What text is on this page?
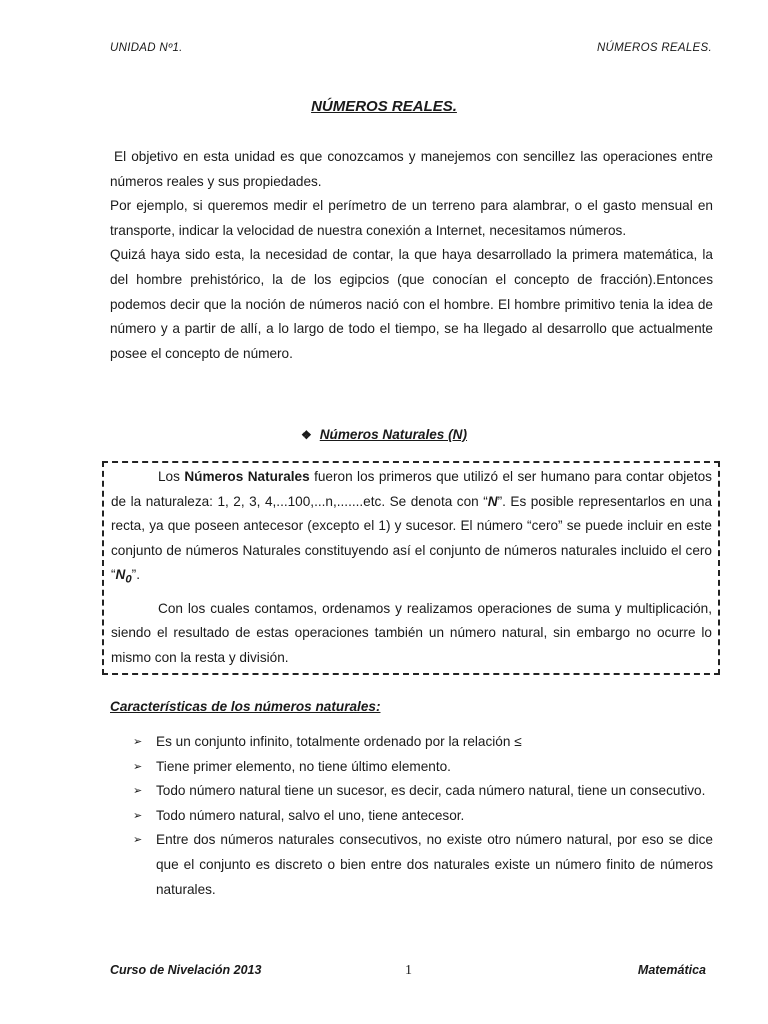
UNIDAD Nº1.	NÚMEROS REALES.
NÚMEROS REALES.

El objetivo en esta unidad es que conozcamos y manejemos con sencillez las operaciones entre números reales y sus propiedades.

Por ejemplo, si queremos medir el perímetro de un terreno para alambrar, o el gasto mensual en transporte, indicar la velocidad de nuestra conexión a Internet, necesitamos números.

Quizá haya sido esta, la necesidad de contar, la que haya desarrollado la primera matemática, la del hombre prehistórico, la de los egipcios (que conocían el concepto de fracción).Entonces podemos decir que la noción de números nació con el hombre. El hombre primitivo tenia la idea de número y a partir de allí, a lo largo de todo el tiempo, se ha llegado al desarrollo que actualmente posee el concepto de número.

❖ Números Naturales (N)

Los Números Naturales fueron los primeros que utilizó el ser humano para contar objetos de la naturaleza: 1, 2, 3, 4,...100,...n,.......etc. Se denota con “N”. Es posible representarlos en una recta, ya que poseen antecesor (excepto el 1) y sucesor. El número “cero” se puede incluir en este conjunto de números Naturales constituyendo así el conjunto de números naturales incluido el cero “$N_0$”.

Con los cuales contamos, ordenamos y realizamos operaciones de suma y multiplicación, siendo el resultado de estas operaciones también un número natural, sin embargo no ocurre lo mismo con la resta y división.

Características de los números naturales:
➢ Es un conjunto infinito, totalmente ordenado por la relación ≤
➢ Tiene primer elemento, no tiene último elemento.
➢ Todo número natural tiene un sucesor, es decir, cada número natural, tiene un consecutivo.
➢ Todo número natural, salvo el uno, tiene antecesor.
➢ Entre dos números naturales consecutivos, no existe otro número natural, por eso se dice que el conjunto es discreto o bien entre dos naturales existe un número finito de números naturales.
Curso de Nivelación 2013	1	Matemática
